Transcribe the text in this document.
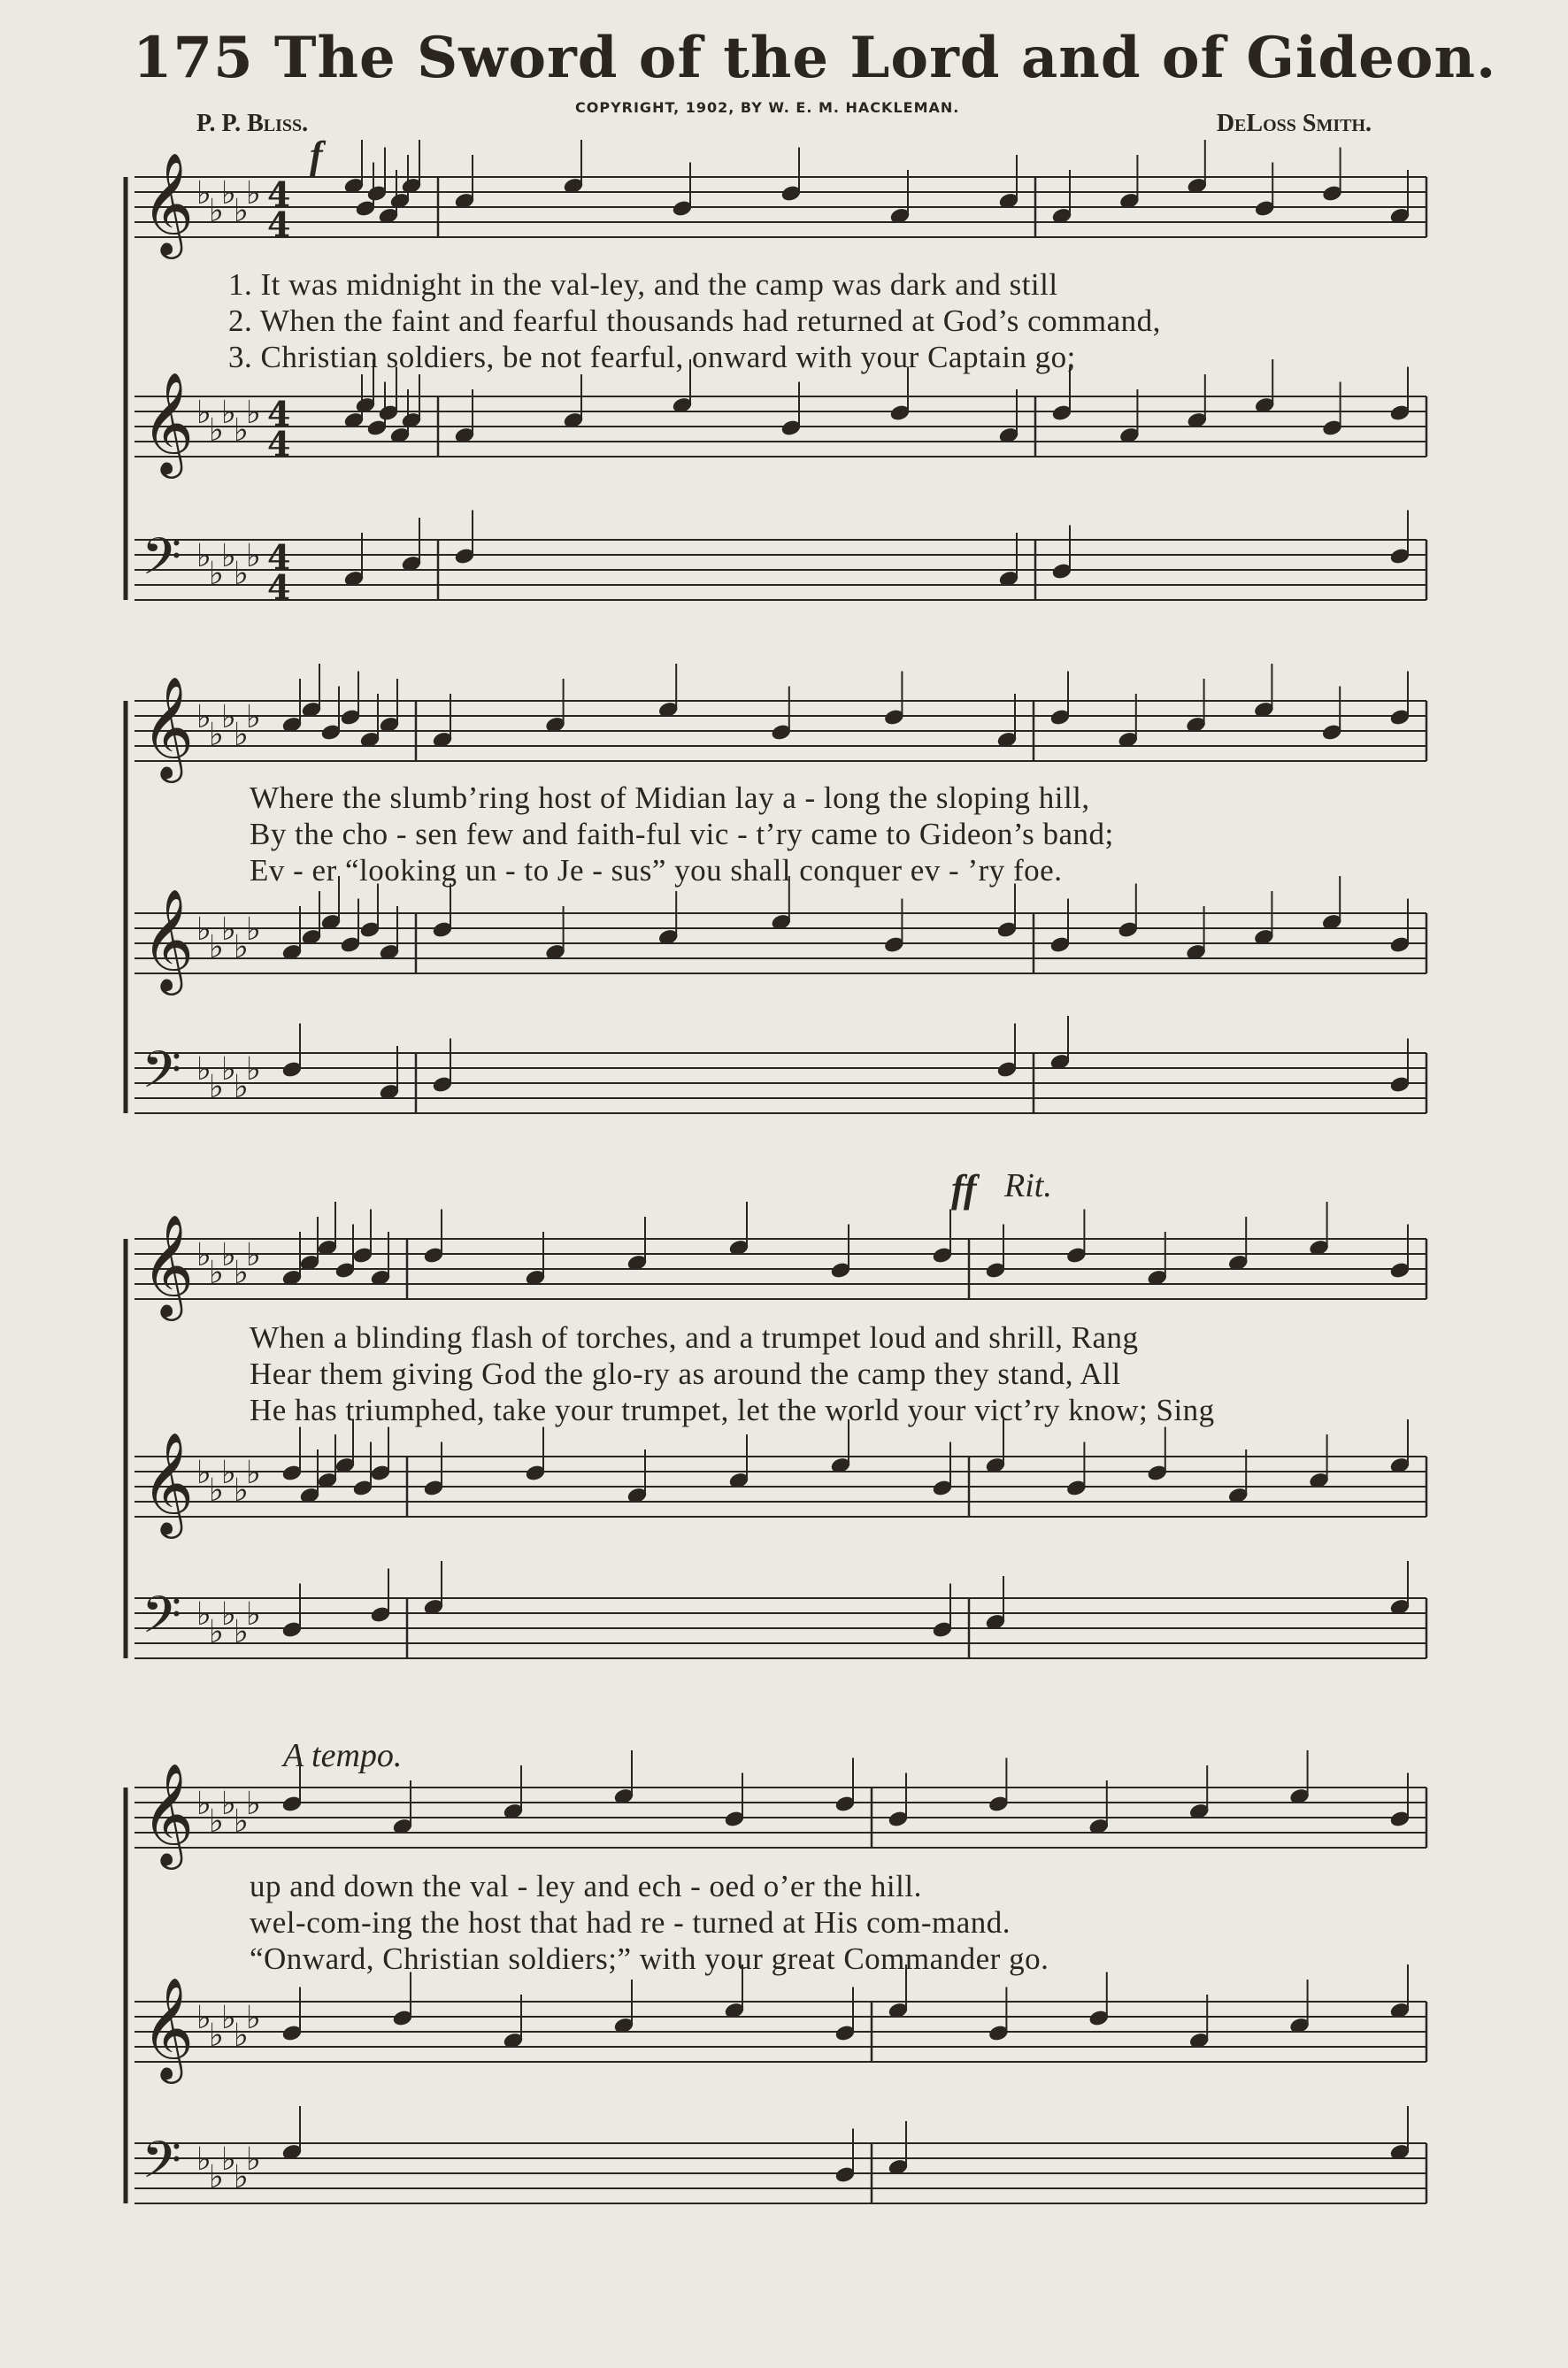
175 The Sword of the Lord and of Gideon.
P. P. Bliss.
COPYRIGHT, 1902, BY W. E. M. HACKLEMAN.
DeLoss Smith.
f
ff Rit.
A tempo.
𝄞 ♭
♭
♭
♭
♭ 4
4
𝄞 ♭
♭
♭
♭
♭ 4
4
𝄢 ♭
♭
♭
♭
♭ 4
4
𝄞 ♭
♭
♭
♭
♭
𝄞 ♭
♭
♭
♭
♭
𝄢 ♭
♭
♭
♭
♭
𝄞 ♭
♭
♭
♭
♭
𝄞 ♭
♭
♭
♭
♭
𝄢 ♭
♭
♭
♭
♭
𝄞 ♭
♭
♭
♭
♭
𝄞 ♭
♭
♭
♭
♭
𝄢 ♭
♭
♭
♭
♭
1. It was midnight in the val-ley, and the camp was dark and still
2. When the faint and fearful thousands had returned at God’s command,
3. Christian soldiers, be not fearful, onward with your Captain go;
Where the slumb’ring host of Midian lay a - long the sloping hill,
By the cho - sen few and faith-ful vic - t’ry came to Gideon’s band;
Ev - er “looking un - to Je - sus” you shall conquer ev - ’ry foe.
When a blinding flash of torches, and a trumpet loud and shrill, Rang
Hear them giving God the glo-ry as around the camp they stand, All
He has triumphed, take your trumpet, let the world your vict’ry know; Sing
up and down the val - ley and ech - oed o’er the hill.
wel-com-ing the host that had re - turned at His com-mand.
“Onward, Christian soldiers;” with your great Commander go.
